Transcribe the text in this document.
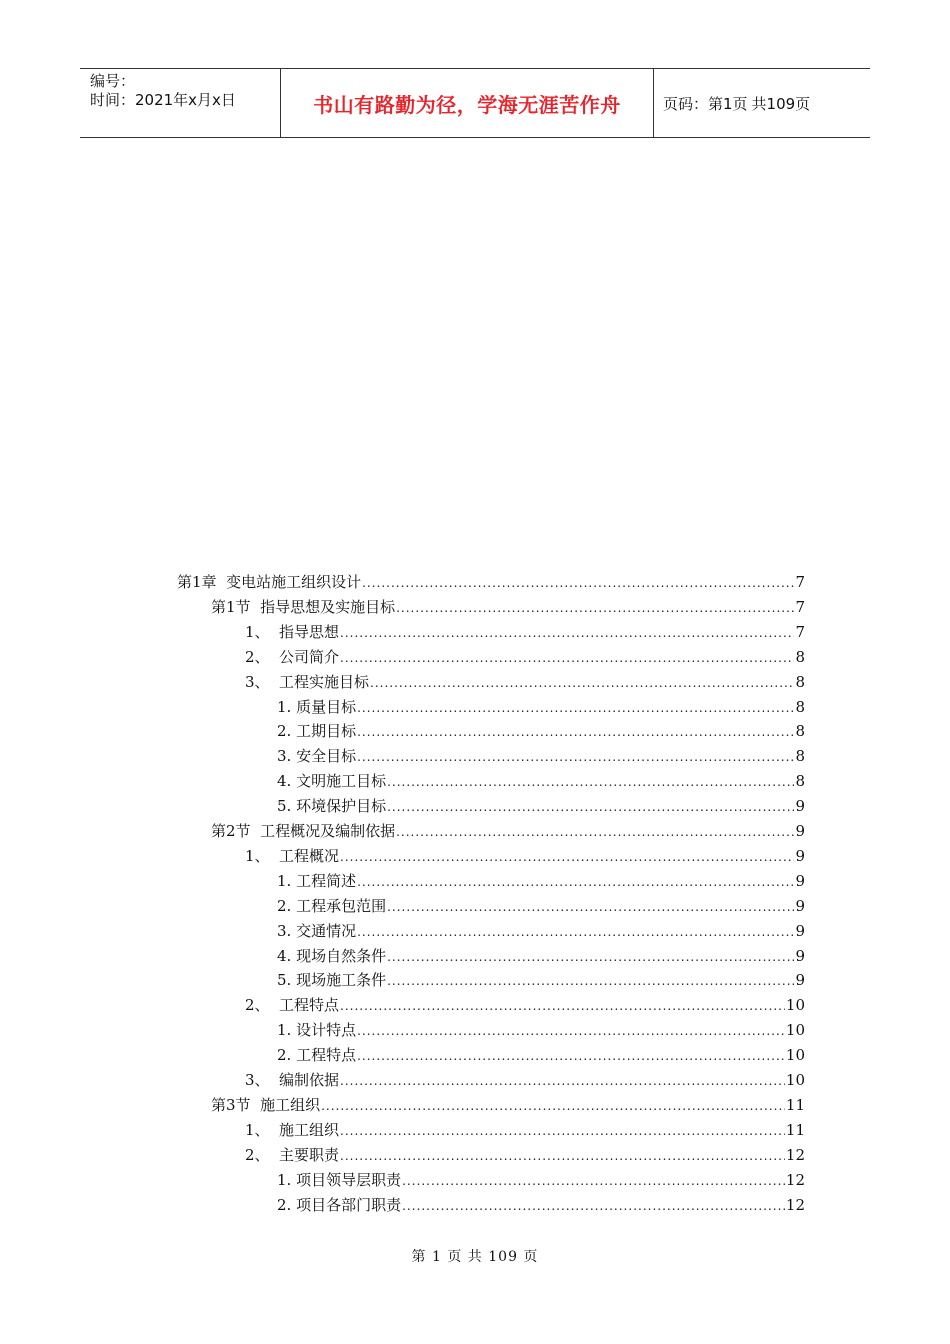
编号：
时间：2021年x月x日	书山有路勤为径，学海无涯苦作舟	页码：第1页 共109页
第1章 变电站施工组织设计 .....	7
第1节 指导思想及实施目标 .....	7
1、 指导思想 .....	7
2、 公司简介 .....	8
3、 工程实施目标 .....	8
1. 质量目标 .....	8
2. 工期目标 .....	8
3. 安全目标 .....	8
4. 文明施工目标 .....	8
5. 环境保护目标 .....	9
第2节 工程概况及编制依据 .....	9
1、 工程概况 .....	9
1. 工程简述 .....	9
2. 工程承包范围 .....	9
3. 交通情况 .....	9
4. 现场自然条件 .....	9
5. 现场施工条件 .....	9
2、 工程特点 .....	10
1. 设计特点 .....	10
2. 工程特点 .....	10
3、 编制依据 .....	10
第3节 施工组织 .....	11
1、 施工组织 .....	11
2、 主要职责 .....	12
1. 项目领导层职责 .....	12
2. 项目各部门职责 .....	12
第 1 页 共 109 页
